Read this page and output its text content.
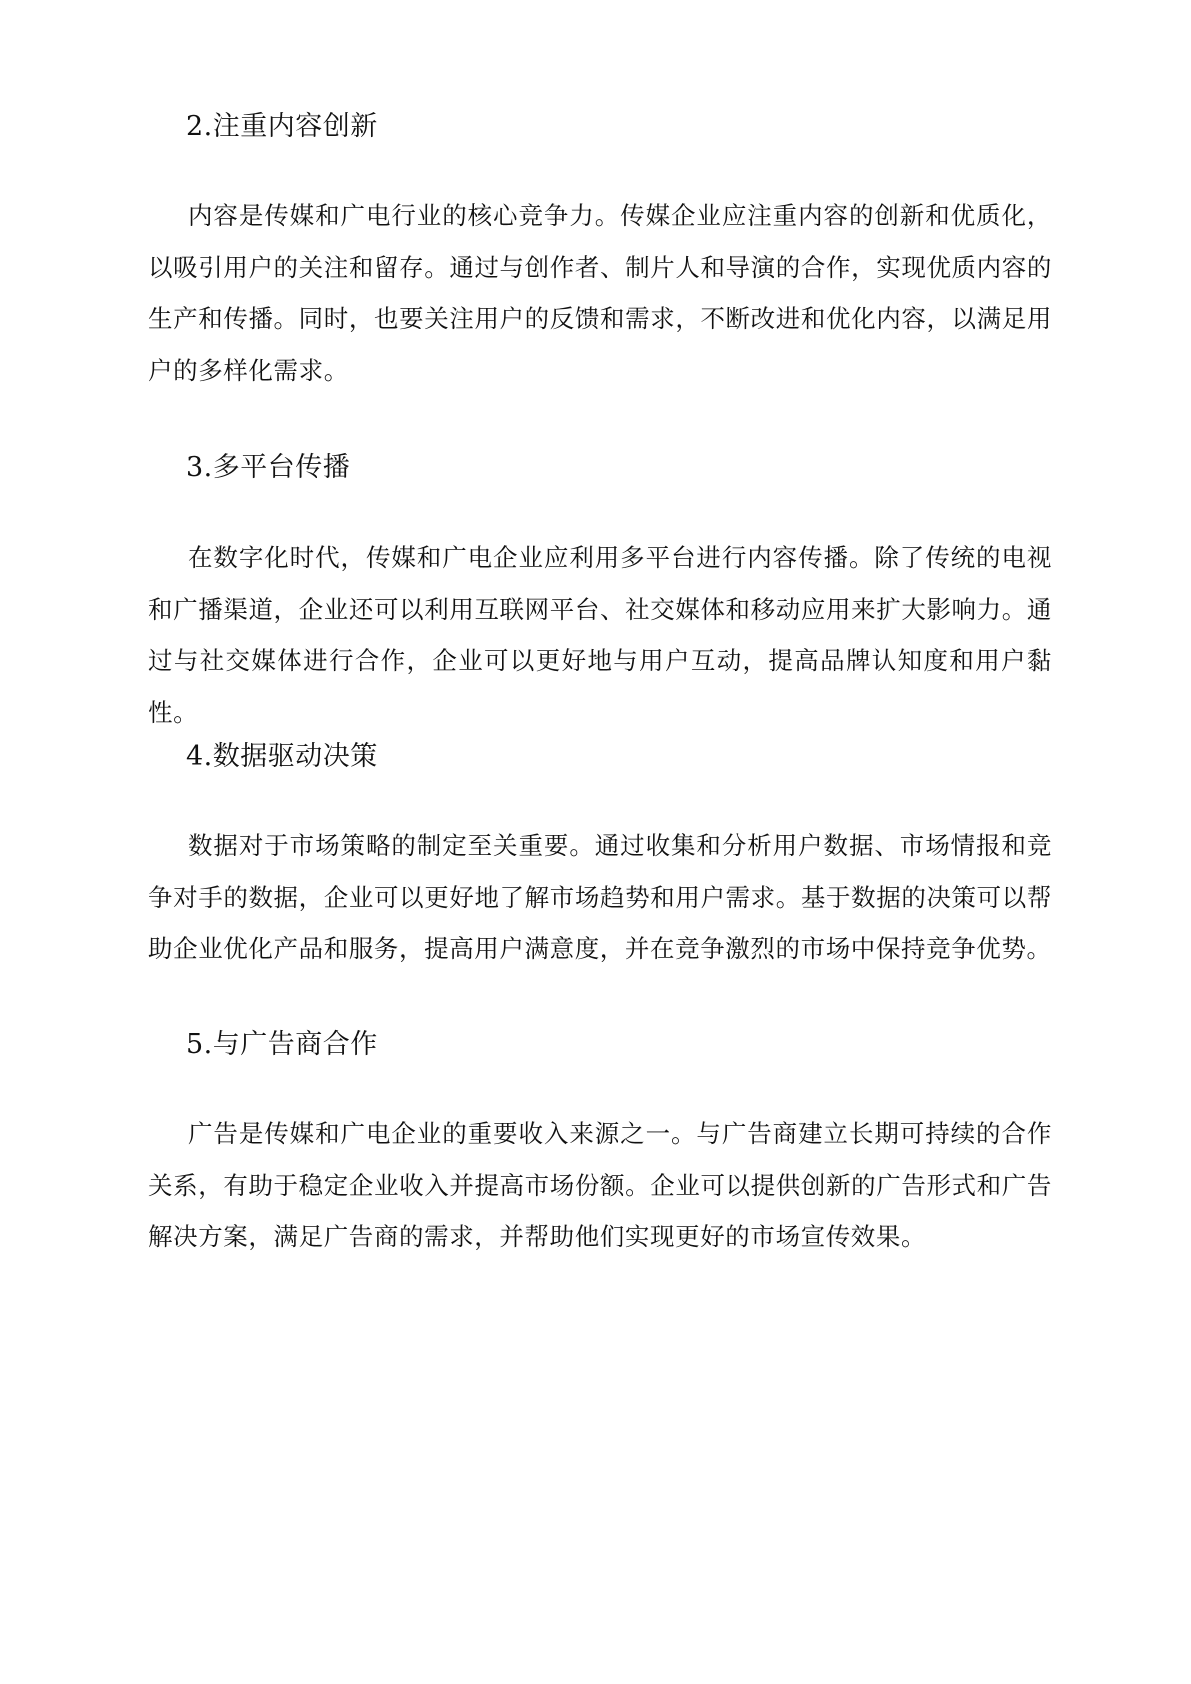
2.注重内容创新

内容是传媒和广电行业的核心竞争力。传媒企业应注重内容的创新和优质化，以吸引用户的关注和留存。通过与创作者、制片人和导演的合作，实现优质内容的生产和传播。同时，也要关注用户的反馈和需求，不断改进和优化内容，以满足用户的多样化需求。

3.多平台传播

在数字化时代，传媒和广电企业应利用多平台进行内容传播。除了传统的电视和广播渠道，企业还可以利用互联网平台、社交媒体和移动应用来扩大影响力。通过与社交媒体进行合作，企业可以更好地与用户互动，提高品牌认知度和用户黏性。

4.数据驱动决策

数据对于市场策略的制定至关重要。通过收集和分析用户数据、市场情报和竞争对手的数据，企业可以更好地了解市场趋势和用户需求。基于数据的决策可以帮助企业优化产品和服务，提高用户满意度，并在竞争激烈的市场中保持竞争优势。

5.与广告商合作

广告是传媒和广电企业的重要收入来源之一。与广告商建立长期可持续的合作关系，有助于稳定企业收入并提高市场份额。企业可以提供创新的广告形式和广告解决方案，满足广告商的需求，并帮助他们实现更好的市场宣传效果。
